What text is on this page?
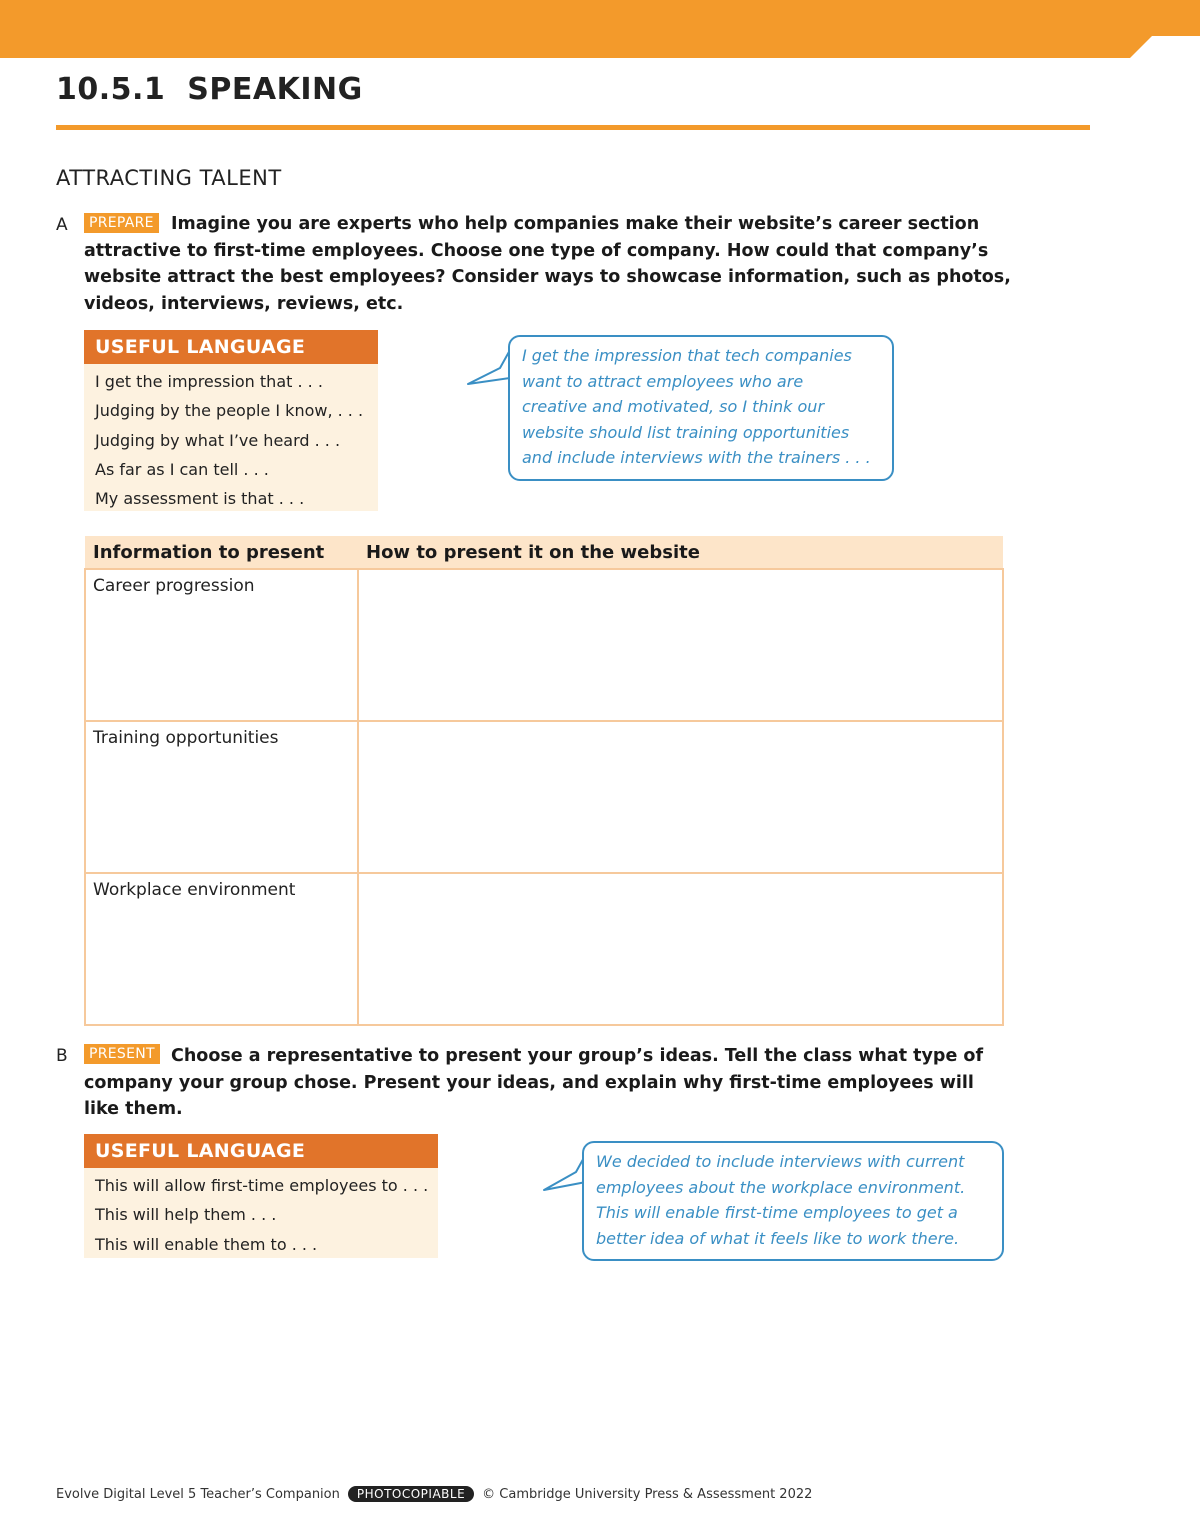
10.5.1 SPEAKING
ATTRACTING TALENT
A	PREPARE Imagine you are experts who help companies make their website’s career section
attractive to first-time employees. Choose one type of company. How could that company’s
website attract the best employees? Consider ways to showcase information, such as photos,
videos, interviews, reviews, etc.
USEFUL LANGUAGE
I get the impression that . . .
Judging by the people I know, . . .
Judging by what I’ve heard . . .
As far as I can tell . . .
My assessment is that . . .
I get the impression that tech companies
want to attract employees who are
creative and motivated, so I think our
website should list training opportunities
and include interviews with the trainers . . .
Information to present	How to present it on the website
Career progression	
Training opportunities	
Workplace environment	
B	PRESENT Choose a representative to present your group’s ideas. Tell the class what type of
company your group chose. Present your ideas, and explain why first-time employees will
like them.
USEFUL LANGUAGE
This will allow first-time employees to . . .
This will help them . . .
This will enable them to . . .
We decided to include interviews with current
employees about the workplace environment.
This will enable first-time employees to get a
better idea of what it feels like to work there.
Evolve Digital Level 5 Teacher’s Companion	PHOTOCOPIABLE	© Cambridge University Press & Assessment 2022
